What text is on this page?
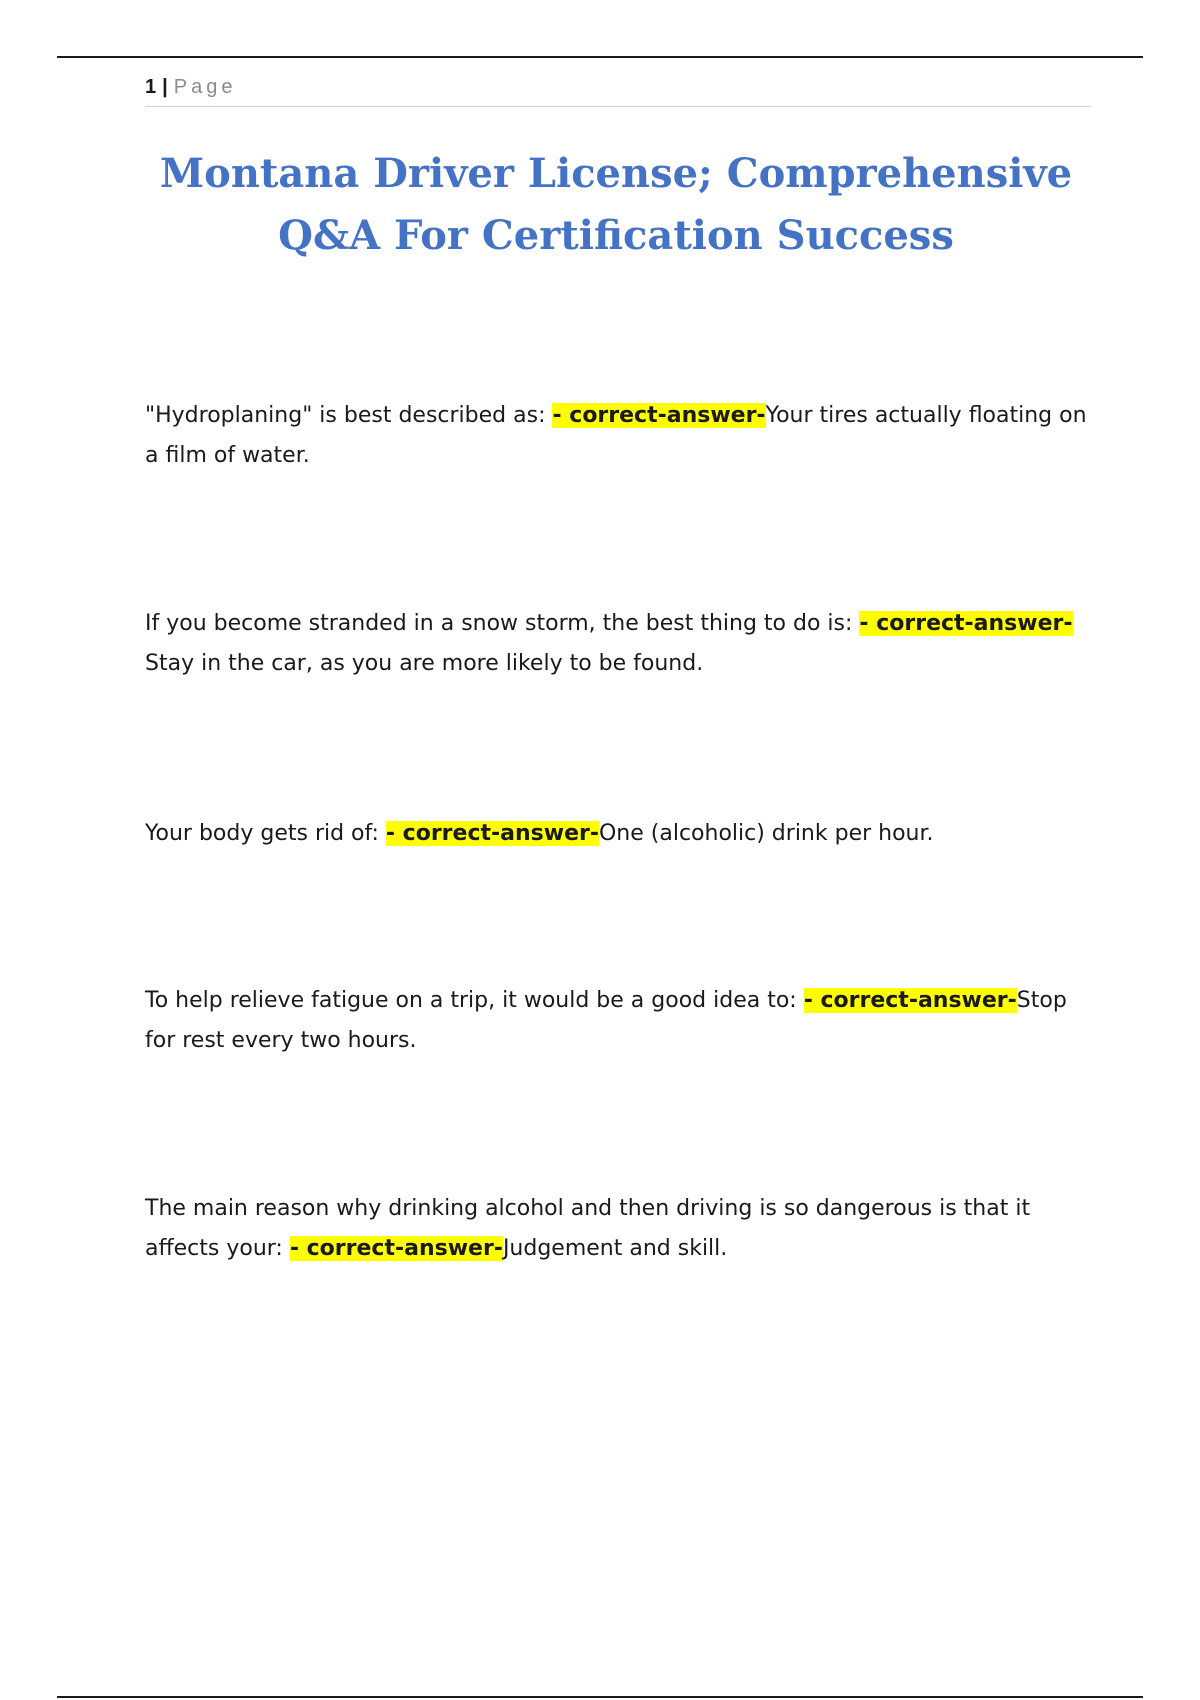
1 | Page
Montana Driver License; Comprehensive
Q&A For Certification Success

"Hydroplaning" is best described as: - correct-answer-Your tires actually floating on a film of water.

If you become stranded in a snow storm, the best thing to do is: - correct-answer-Stay in the car, as you are more likely to be found.

Your body gets rid of: - correct-answer-One (alcoholic) drink per hour.

To help relieve fatigue on a trip, it would be a good idea to: - correct-answer-Stop for rest every two hours.

The main reason why drinking alcohol and then driving is so dangerous is that it affects your: - correct-answer-Judgement and skill.
